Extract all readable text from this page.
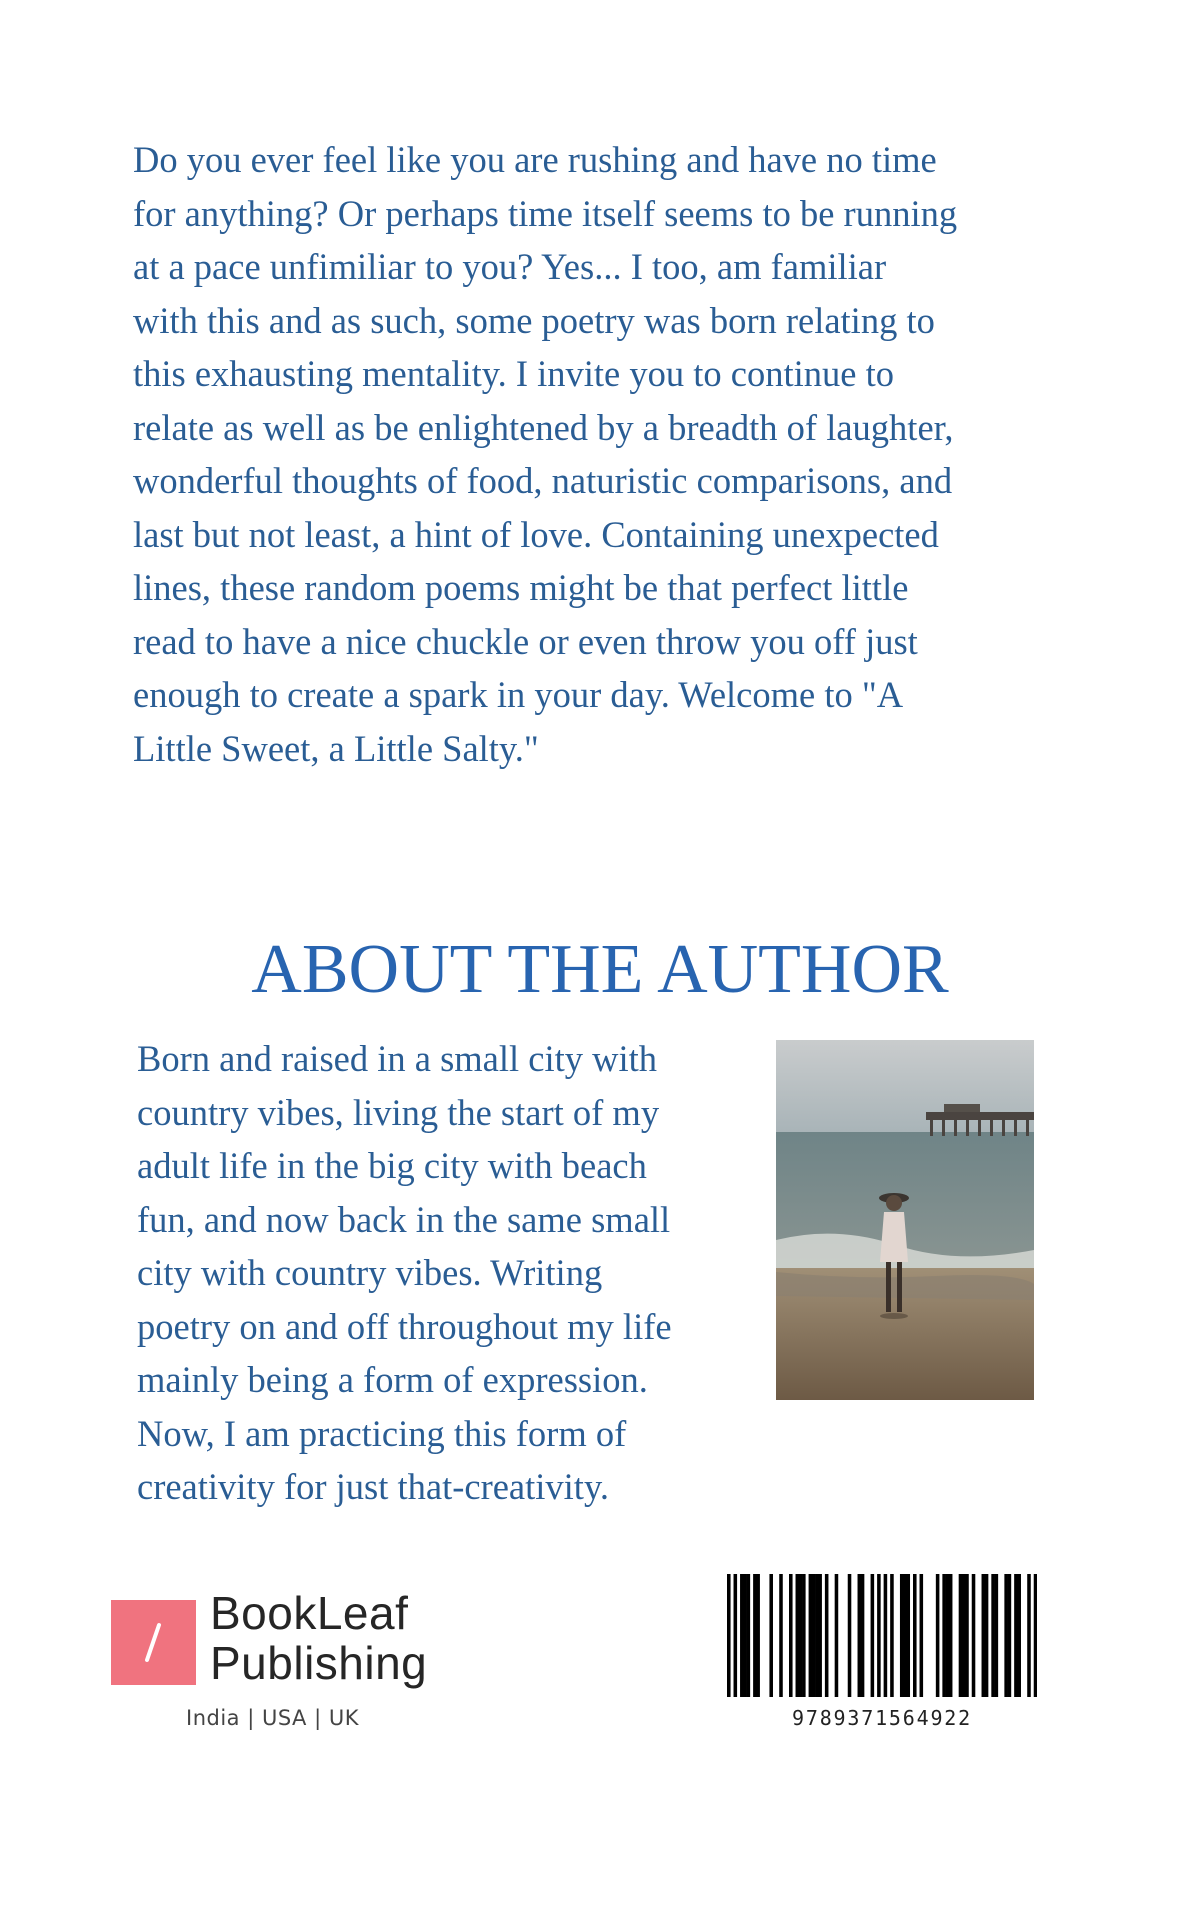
Do you ever feel like you are rushing and have no time
for anything? Or perhaps time itself seems to be running
at a pace unfimiliar to you? Yes... I too, am familiar
with this and as such, some poetry was born relating to
this exhausting mentality. I invite you to continue to
relate as well as be enlightened by a breadth of laughter,
wonderful thoughts of food, naturistic comparisons, and
last but not least, a hint of love. Containing unexpected
lines, these random poems might be that perfect little
read to have a nice chuckle or even throw you off just
enough to create a spark in your day. Welcome to "A
Little Sweet, a Little Salty."

ABOUT THE AUTHOR

Born and raised in a small city with
country vibes, living the start of my
adult life in the big city with beach
fun, and now back in the same small
city with country vibes. Writing
poetry on and off throughout my life
mainly being a form of expression.
Now, I am practicing this form of
creativity for just that-creativity.

BookLeaf
Publishing
India | USA | UK	9789371564922
